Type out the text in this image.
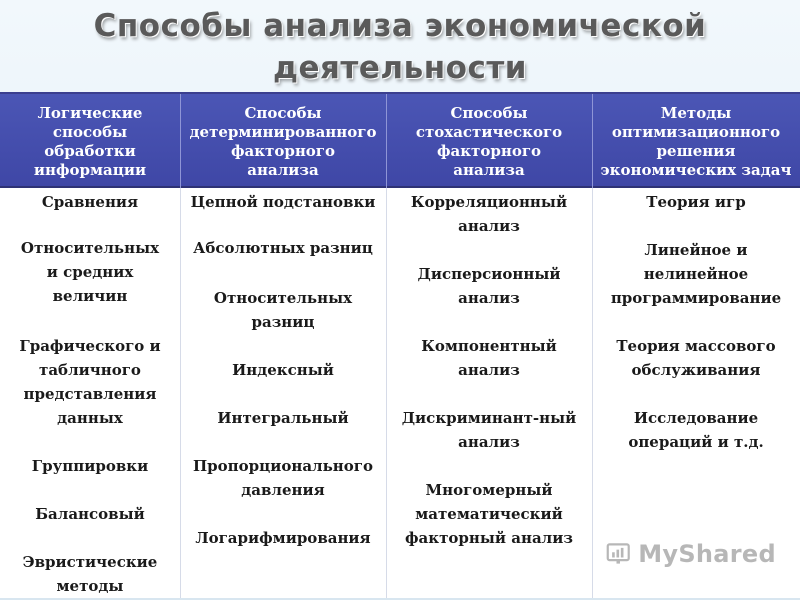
Способы анализа экономической
деятельности
Логические
способы
обработки
информации
Способы
детерминированного
факторного
анализа
Способы
стохастического
факторного
анализа
Методы
оптимизационного
решения
экономических задач
Сравнения
Относительных
и средних
величин
Графического и
табличного
представления
данных
Группировки
Балансовый
Эвристические
методы
Цепной подстановки
Абсолютных разниц
Относительных
разниц
Индексный
Интегральный
Пропорционального
давления
Логарифмирования
Корреляционный
анализ
Дисперсионный
анализ
Компонентный
анализ
Дискриминант-ный
анализ
Многомерный
математический
факторный анализ
Теория игр
Линейное и
нелинейное
программирование
Теория массового
обслуживания
Исследование
операций и т.д.
MyShared
